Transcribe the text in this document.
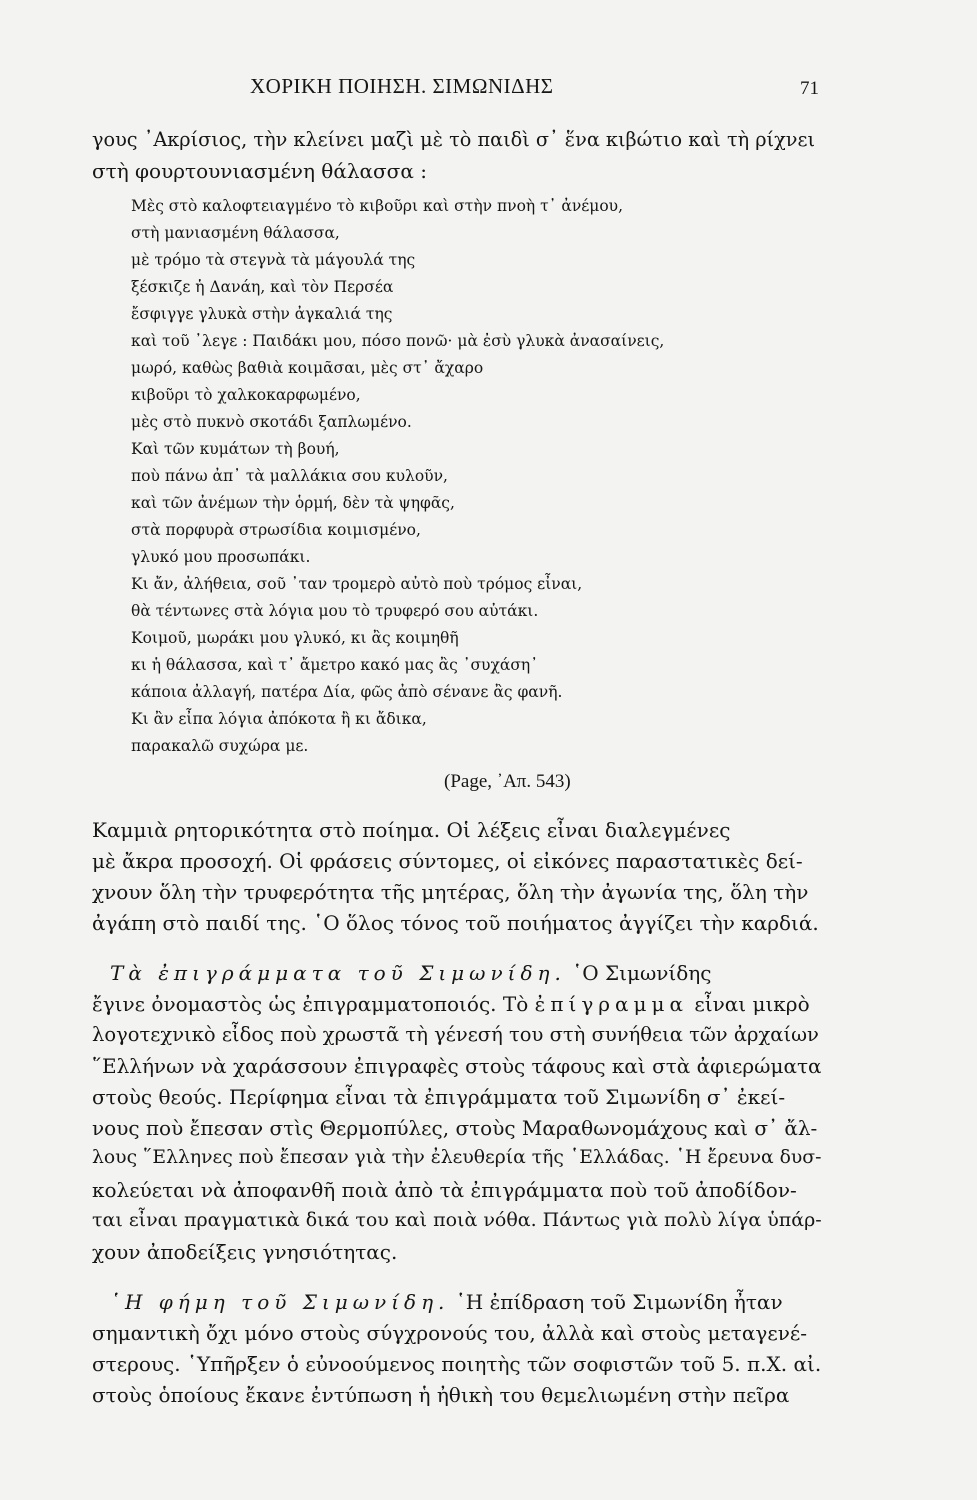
ΧΟΡΙΚΗ ΠΟΙΗΣΗ. ΣΙΜΩΝΙΔΗΣ	71
γους ᾿Ακρίσιος, τὴν κλείνει μαζὶ μὲ τὸ παιδὶ σ᾿ ἕνα κιβώτιο καὶ τὴ ρίχνει
στὴ φουρτουνιασμένη θάλασσα :
Μὲς στὸ καλοφτειαγμένο τὸ κιβοῦρι καὶ στὴν πνοὴ τ᾿ ἀνέμου,
στὴ μανιασμένη θάλασσα,
μὲ τρόμο τὰ στεγνὰ τὰ μάγουλά της
ξέσκιζε ἡ Δανάη, καὶ τὸν Περσέα
ἔσφιγγε γλυκὰ στὴν ἀγκαλιά της
καὶ τοῦ ᾿λεγε : Παιδάκι μου, πόσο πονῶ· μὰ ἐσὺ γλυκὰ ἀνασαίνεις,
μωρό, καθὼς βαθιὰ κοιμᾶσαι, μὲς στ᾿ ἄχαρο
κιβοῦρι τὸ χαλκοκαρφωμένο,
μὲς στὸ πυκνὸ σκοτάδι ξαπλωμένο.
Καὶ τῶν κυμάτων τὴ βουή,
ποὺ πάνω ἀπ᾿ τὰ μαλλάκια σου κυλοῦν,
καὶ τῶν ἀνέμων τὴν ὁρμή, δὲν τὰ ψηφᾶς,
στὰ πορφυρὰ στρωσίδια κοιμισμένο,
γλυκό μου προσωπάκι.
Κι ἄν, ἀλήθεια, σοῦ ᾿ταν τρομερὸ αὐτὸ ποὺ τρόμος εἶναι,
θὰ τέντωνες στὰ λόγια μου τὸ τρυφερό σου αὐτάκι.
Κοιμοῦ, μωράκι μου γλυκό, κι ἂς κοιμηθῆ
κι ἡ θάλασσα, καὶ τ᾿ ἄμετρο κακό μας ἂς ᾿συχάση᾿
κάποια ἀλλαγή, πατέρα Δία, φῶς ἀπὸ σένανε ἂς φανῆ.
Κι ἂν εἶπα λόγια ἀπόκοτα ἢ κι ἄδικα,
παρακαλῶ συχώρα με.
(Page, ᾿Απ. 543)
Καμμιὰ ρητορικότητα στὸ ποίημα. Οἱ λέξεις εἶναι διαλεγμένες
μὲ ἄκρα προσοχή. Οἱ φράσεις σύντομες, οἱ εἰκόνες παραστατικὲς δεί-
χνουν ὅλη τὴν τρυφερότητα τῆς μητέρας, ὅλη τὴν ἀγωνία της, ὅλη τὴν
ἀγάπη στὸ παιδί της. ῾Ο ὅλος τόνος τοῦ ποιήματος ἀγγίζει τὴν καρδιά.
Τὰ ἐπιγράμματα τοῦ Σιμωνίδη. ῾Ο Σιμωνίδης
ἔγινε ὀνομαστὸς ὡς ἐπιγραμματοποιός. Τὸ ἐπίγραμμα εἶναι μικρὸ
λογοτεχνικὸ εἶδος ποὺ χρωστᾶ τὴ γένεσή του στὴ συνήθεια τῶν ἀρχαίων
῞Ελλήνων νὰ χαράσσουν ἐπιγραφὲς στοὺς τάφους καὶ στὰ ἀφιερώματα
στοὺς θεούς. Περίφημα εἶναι τὰ ἐπιγράμματα τοῦ Σιμωνίδη σ᾿ ἐκεί-
νους ποὺ ἔπεσαν στὶς Θερμοπύλες, στοὺς Μαραθωνομάχους καὶ σ᾿ ἄλ-
λους ῞Ελληνες ποὺ ἔπεσαν γιὰ τὴν ἐλευθερία τῆς ῾Ελλάδας. ῾Η ἔρευνα δυσ-
κολεύεται νὰ ἀποφανθῆ ποιὰ ἀπὸ τὰ ἐπιγράμματα ποὺ τοῦ ἀποδίδον-
ται εἶναι πραγματικὰ δικά του καὶ ποιὰ νόθα. Πάντως γιὰ πολὺ λίγα ὑπάρ-
χουν ἀποδείξεις γνησιότητας.
῾Η φήμη τοῦ Σιμωνίδη. ῾Η ἐπίδραση τοῦ Σιμωνίδη ἦταν
σημαντικὴ ὄχι μόνο στοὺς σύγχρονούς του, ἀλλὰ καὶ στοὺς μεταγενέ-
στερους. ῾Υπῆρξεν ὁ εὐνοούμενος ποιητὴς τῶν σοφιστῶν τοῦ 5. π.Χ. αἰ.
στοὺς ὁποίους ἔκανε ἐντύπωση ἡ ἠθικὴ του θεμελιωμένη στὴν πεῖρα
